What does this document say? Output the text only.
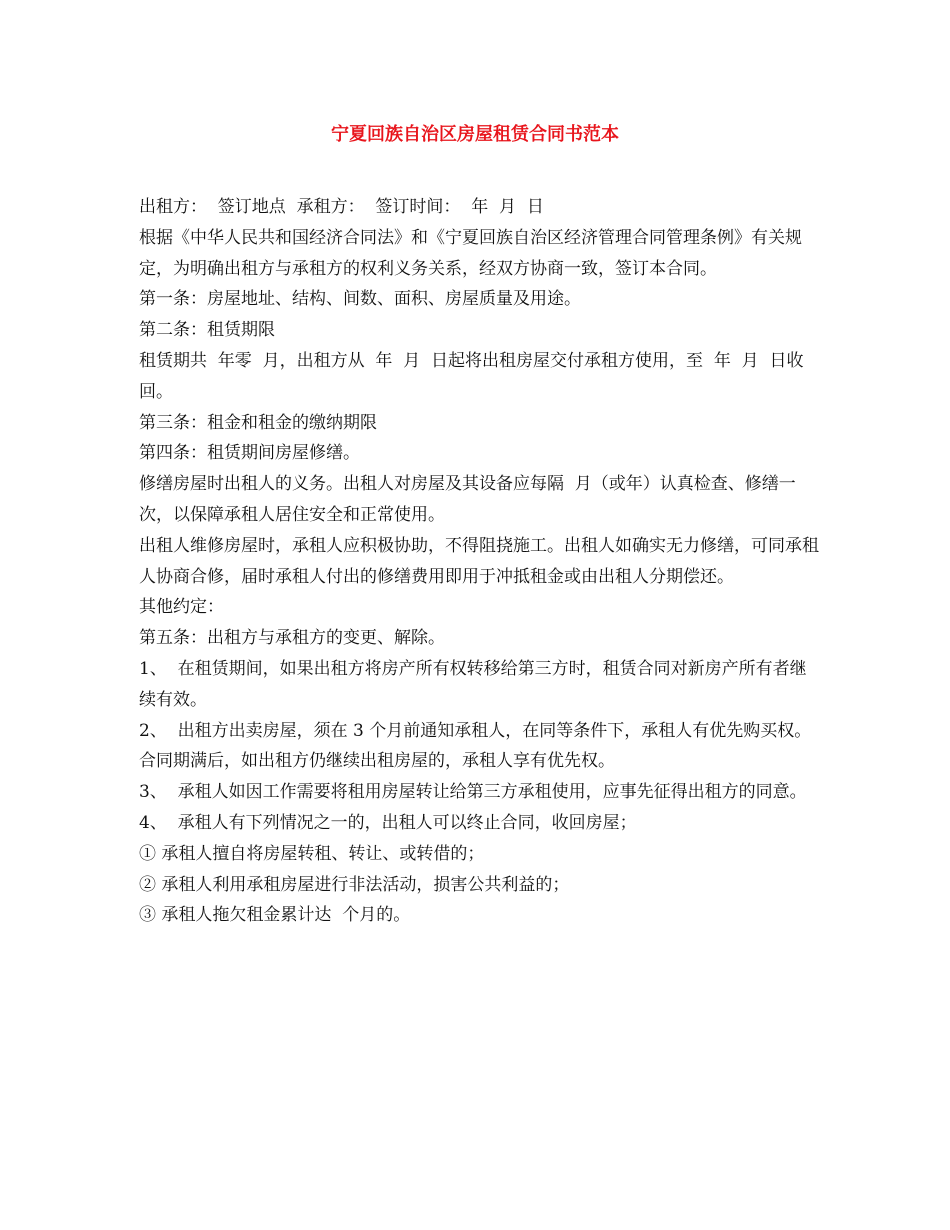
宁夏回族自治区房屋租赁合同书范本

出租方：  签订地点  承租方：  签订时间：  年  月  日

根据《中华人民共和国经济合同法》和《宁夏回族自治区经济管理合同管理条例》有关规定，为明确出租方与承租方的权利义务关系，经双方协商一致，签订本合同。

第一条：房屋地址、结构、间数、面积、房屋质量及用途。

第二条：租赁期限

租赁期共  年零  月，出租方从  年  月  日起将出租房屋交付承租方使用，至  年  月  日收回。

第三条：租金和租金的缴纳期限

第四条：租赁期间房屋修缮。

修缮房屋时出租人的义务。出租人对房屋及其设备应每隔  月（或年）认真检查、修缮一次，以保障承租人居住安全和正常使用。

出租人维修房屋时，承租人应积极协助，不得阻挠施工。出租人如确实无力修缮，可同承租人协商合修，届时承租人付出的修缮费用即用于冲抵租金或由出租人分期偿还。

其他约定：

第五条：出租方与承租方的变更、解除。

1、  在租赁期间，如果出租方将房产所有权转移给第三方时，租赁合同对新房产所有者继续有效。

2、  出租方出卖房屋，须在 3 个月前通知承租人，在同等条件下，承租人有优先购买权。合同期满后，如出租方仍继续出租房屋的，承租人享有优先权。

3、  承租人如因工作需要将租用房屋转让给第三方承租使用，应事先征得出租方的同意。

4、  承租人有下列情况之一的，出租人可以终止合同，收回房屋；

① 承租人擅自将房屋转租、转让、或转借的；

② 承租人利用承租房屋进行非法活动，损害公共利益的；

③ 承租人拖欠租金累计达  个月的。
